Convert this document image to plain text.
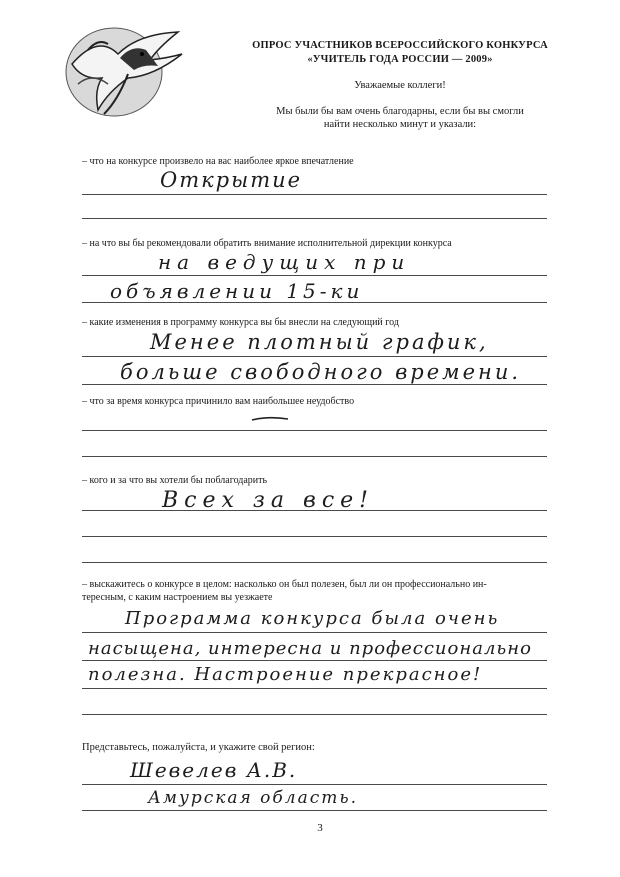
ОПРОС УЧАСТНИКОВ ВСЕРОССИЙСКОГО КОНКУРСА
«УЧИТЕЛЬ ГОДА РОССИИ — 2009»
Уважаемые коллеги!
Мы были бы вам очень благодарны, если бы вы смогли
найти несколько минут и указали:
– что на конкурсе произвело на вас наиболее яркое впечатление
Открытие
– на что вы бы рекомендовали обратить внимание исполнительной дирекции конкурса
на ведущих при
объявлении 15-ки
– какие изменения в программу конкурса вы бы внесли на следующий год
Менее плотный график,
больше свободного времени.
– что за время конкурса причинило вам наибольшее неудобство
– кого и за что вы хотели бы поблагодарить
Всех за все!
– выскажитесь о конкурсе в целом: насколько он был полезен, был ли он профессионально ин-
тересным, с каким настроением вы уезжаете
Программа конкурса была очень
насыщена, интересна и профессионально
полезна. Настроение прекрасное!
Представьтесь, пожалуйста, и укажите свой регион:
Шевелев А.В.
Амурская область.
3
